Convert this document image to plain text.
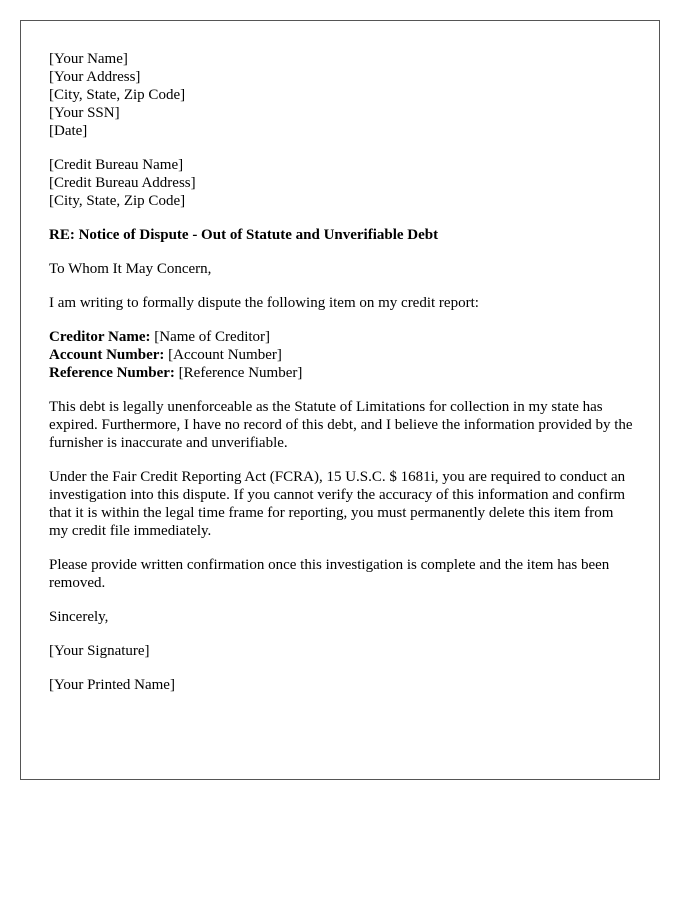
[Your Name]
[Your Address]
[City, State, Zip Code]
[Your SSN]
[Date]
[Credit Bureau Name]
[Credit Bureau Address]
[City, State, Zip Code]
RE: Notice of Dispute - Out of Statute and Unverifiable Debt
To Whom It May Concern,
I am writing to formally dispute the following item on my credit report:
Creditor Name: [Name of Creditor]
Account Number: [Account Number]
Reference Number: [Reference Number]
This debt is legally unenforceable as the Statute of Limitations for collection in my state has expired. Furthermore, I have no record of this debt, and I believe the information provided by the furnisher is inaccurate and unverifiable.
Under the Fair Credit Reporting Act (FCRA), 15 U.S.C. $ 1681i, you are required to conduct an investigation into this dispute. If you cannot verify the accuracy of this information and confirm that it is within the legal time frame for reporting, you must permanently delete this item from my credit file immediately.
Please provide written confirmation once this investigation is complete and the item has been removed.
Sincerely,
[Your Signature]
[Your Printed Name]
